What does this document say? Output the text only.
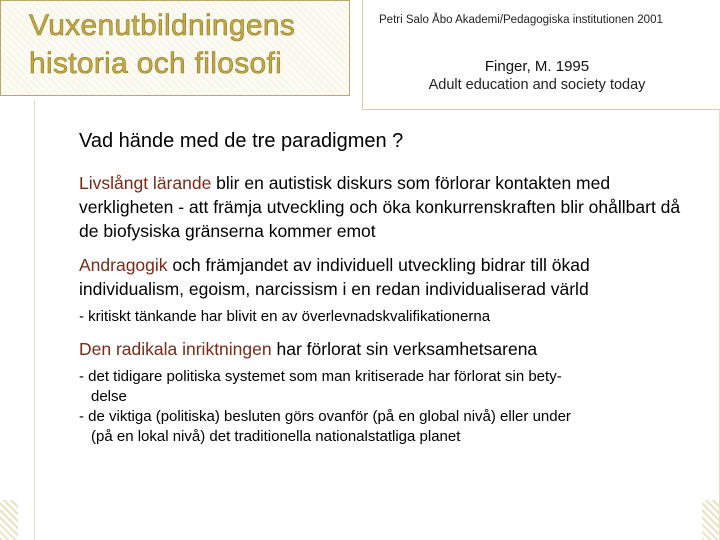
Vuxenutbildningens
historia och filosofi
Petri Salo Åbo Akademi/Pedagogiska institutionen 2001
Finger, M. 1995
Adult education and society today
Vad hände med de tre paradigmen ?

Livslångt lärande blir en autistisk diskurs som förlorar kontakten med verkligheten - att främja utveckling och öka konkurrenskraften blir ohållbart då de biofysiska gränserna kommer emot

Andragogik och främjandet av individuell utveckling bidrar till ökad individualism, egoism, narcissism i en redan individualiserad värld

- kritiskt tänkande har blivit en av överlevnadskvalifikationerna

Den radikala inriktningen har förlorat sin verksamhetsarena

- det tidigare politiska systemet som man kritiserade har förlorat sin bety-

delse

- de viktiga (politiska) besluten görs ovanför (på en global nivå) eller under

(på en lokal nivå) det traditionella nationalstatliga planet
